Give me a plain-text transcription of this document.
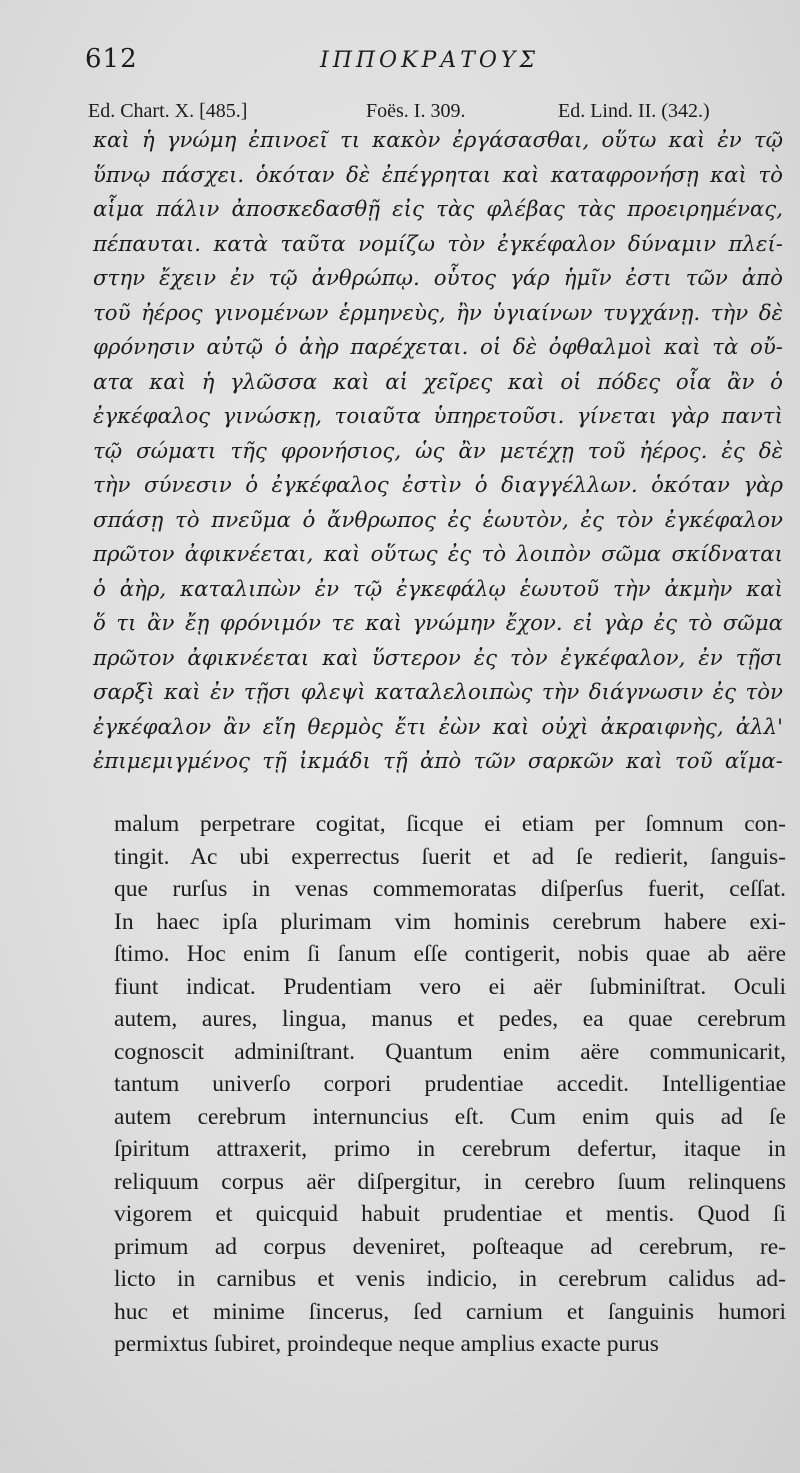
612	ΙΠΠΟΚΡΑΤΟΥΣ
Ed. Chart. X. [485.]	Foës. I. 309.	Ed. Lind. II. (342.)
καὶ ἡ γνώμη ἐπινοεῖ τι κακὸν ἐργάσασθαι, οὕτω καὶ ἐν τῷ
ὕπνῳ πάσχει. ὁκόταν δὲ ἐπέγρηται καὶ καταφρονήσῃ καὶ τὸ
αἷμα πάλιν ἀποσκεδασθῇ εἰς τὰς φλέβας τὰς προειρημένας,
πέπαυται. κατὰ ταῦτα νομίζω τὸν ἐγκέφαλον δύναμιν πλεί-
στην ἔχειν ἐν τῷ ἀνθρώπῳ. οὗτος γάρ ἡμῖν ἐστι τῶν ἀπὸ
τοῦ ἠέρος γινομένων ἑρμηνεὺς, ἢν ὑγιαίνων τυγχάνῃ. τὴν δὲ
φρόνησιν αὐτῷ ὁ ἀὴρ παρέχεται. οἱ δὲ ὀφθαλμοὶ καὶ τὰ οὔ-
ατα καὶ ἡ γλῶσσα καὶ αἱ χεῖρες καὶ οἱ πόδες οἷα ἂν ὁ
ἐγκέφαλος γινώσκῃ, τοιαῦτα ὑπηρετοῦσι. γίνεται γὰρ παντὶ
τῷ σώματι τῆς φρονήσιος, ὡς ἂν μετέχῃ τοῦ ἠέρος. ἐς δὲ
τὴν σύνεσιν ὁ ἐγκέφαλος ἐστὶν ὁ διαγγέλλων. ὁκόταν γὰρ
σπάσῃ τὸ πνεῦμα ὁ ἄνθρωπος ἐς ἑωυτὸν, ἐς τὸν ἐγκέφαλον
πρῶτον ἀφικνέεται, καὶ οὕτως ἐς τὸ λοιπὸν σῶμα σκίδναται
ὁ ἀὴρ, καταλιπὼν ἐν τῷ ἐγκεφάλῳ ἑωυτοῦ τὴν ἀκμὴν καὶ
ὅ τι ἂν ἔῃ φρόνιμόν τε καὶ γνώμην ἔχον. εἰ γὰρ ἐς τὸ σῶμα
πρῶτον ἀφικνέεται καὶ ὕστερον ἐς τὸν ἐγκέφαλον, ἐν τῇσι
σαρξὶ καὶ ἐν τῇσι φλεψὶ καταλελοιπὼς τὴν διάγνωσιν ἐς τὸν
ἐγκέφαλον ἂν εἴη θερμὸς ἔτι ἐὼν καὶ οὐχὶ ἀκραιφνὴς, ἀλλ'
ἐπιμεμιγμένος τῇ ἰκμάδι τῇ ἀπὸ τῶν σαρκῶν καὶ τοῦ αἵμα-
malum perpetrare cogitat, ſicque ei etiam per ſomnum con-
tingit. Ac ubi experrectus ſuerit et ad ſe redierit, ſanguis-
que rurſus in venas commemoratas diſperſus fuerit, ceſſat.
In haec ipſa plurimam vim hominis cerebrum habere exi-
ſtimo. Hoc enim ſi ſanum eſſe contigerit, nobis quae ab aëre
fiunt indicat. Prudentiam vero ei aër ſubminiſtrat. Oculi
autem, aures, lingua, manus et pedes, ea quae cerebrum
cognoscit adminiſtrant. Quantum enim aëre communicarit,
tantum univerſo corpori prudentiae accedit. Intelligentiae
autem cerebrum internuncius eſt. Cum enim quis ad ſe
ſpiritum attraxerit, primo in cerebrum defertur, itaque in
reliquum corpus aër diſpergitur, in cerebro ſuum relinquens
vigorem et quicquid habuit prudentiae et mentis. Quod ſi
primum ad corpus deveniret, poſteaque ad cerebrum, re-
licto in carnibus et venis indicio, in cerebrum calidus ad-
huc et minime ſincerus, ſed carnium et ſanguinis humori
permixtus ſubiret, proindeque neque amplius exacte purus
